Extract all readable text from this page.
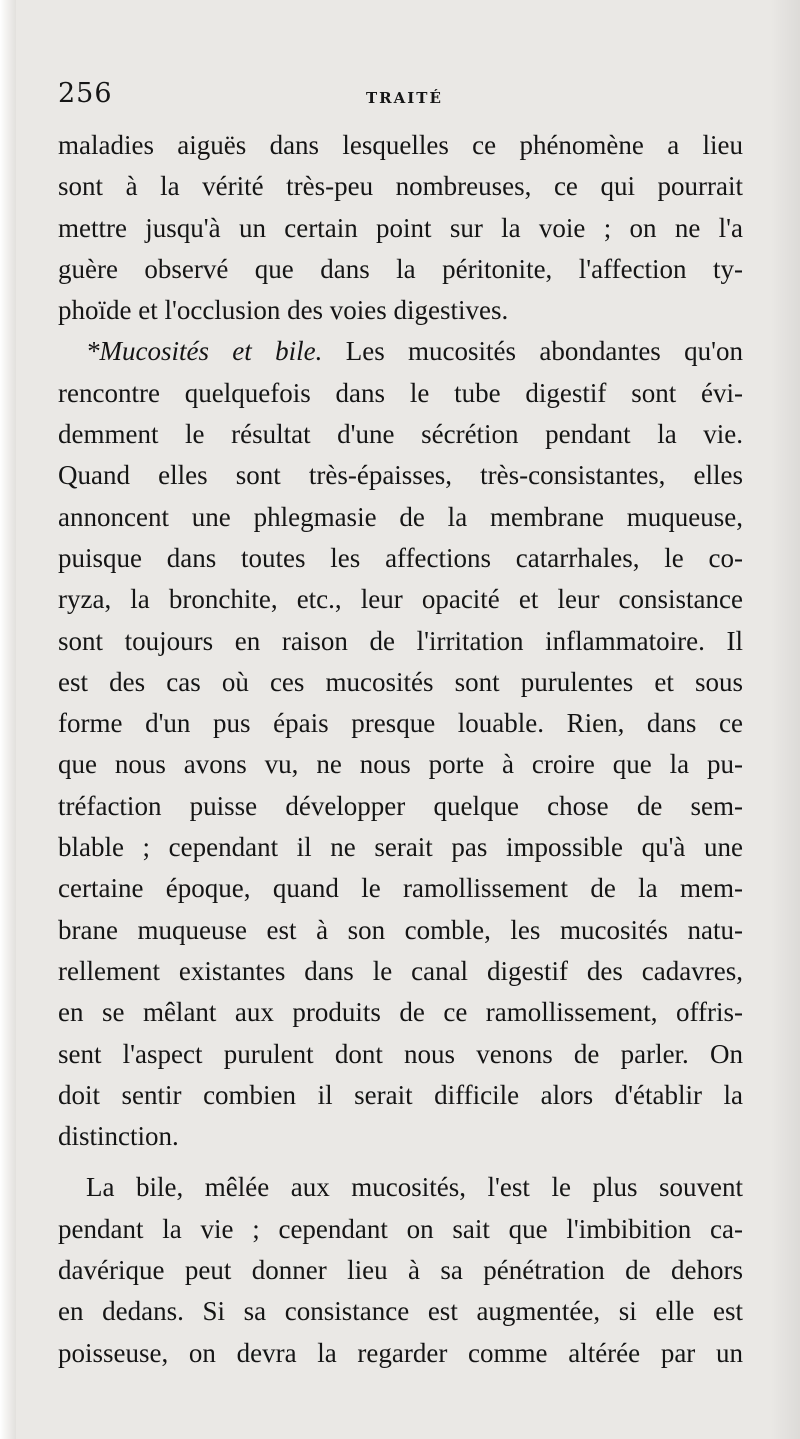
256	TRAITÉ
maladies aiguës dans lesquelles ce phénomène a lieu
sont à la vérité très-peu nombreuses, ce qui pourrait
mettre jusqu'à un certain point sur la voie ; on ne l'a
guère observé que dans la péritonite, l'affection ty-
phoïde et l'occlusion des voies digestives.
*Mucosités et bile. Les mucosités abondantes qu'on
rencontre quelquefois dans le tube digestif sont évi-
demment le résultat d'une sécrétion pendant la vie.
Quand elles sont très-épaisses, très-consistantes, elles
annoncent une phlegmasie de la membrane muqueuse,
puisque dans toutes les affections catarrhales, le co-
ryza, la bronchite, etc., leur opacité et leur consistance
sont toujours en raison de l'irritation inflammatoire. Il
est des cas où ces mucosités sont purulentes et sous
forme d'un pus épais presque louable. Rien, dans ce
que nous avons vu, ne nous porte à croire que la pu-
tréfaction puisse développer quelque chose de sem-
blable ; cependant il ne serait pas impossible qu'à une
certaine époque, quand le ramollissement de la mem-
brane muqueuse est à son comble, les mucosités natu-
rellement existantes dans le canal digestif des cadavres,
en se mêlant aux produits de ce ramollissement, offris-
sent l'aspect purulent dont nous venons de parler. On
doit sentir combien il serait difficile alors d'établir la
distinction.
La bile, mêlée aux mucosités, l'est le plus souvent
pendant la vie ; cependant on sait que l'imbibition ca-
davérique peut donner lieu à sa pénétration de dehors
en dedans. Si sa consistance est augmentée, si elle est
poisseuse, on devra la regarder comme altérée par un
